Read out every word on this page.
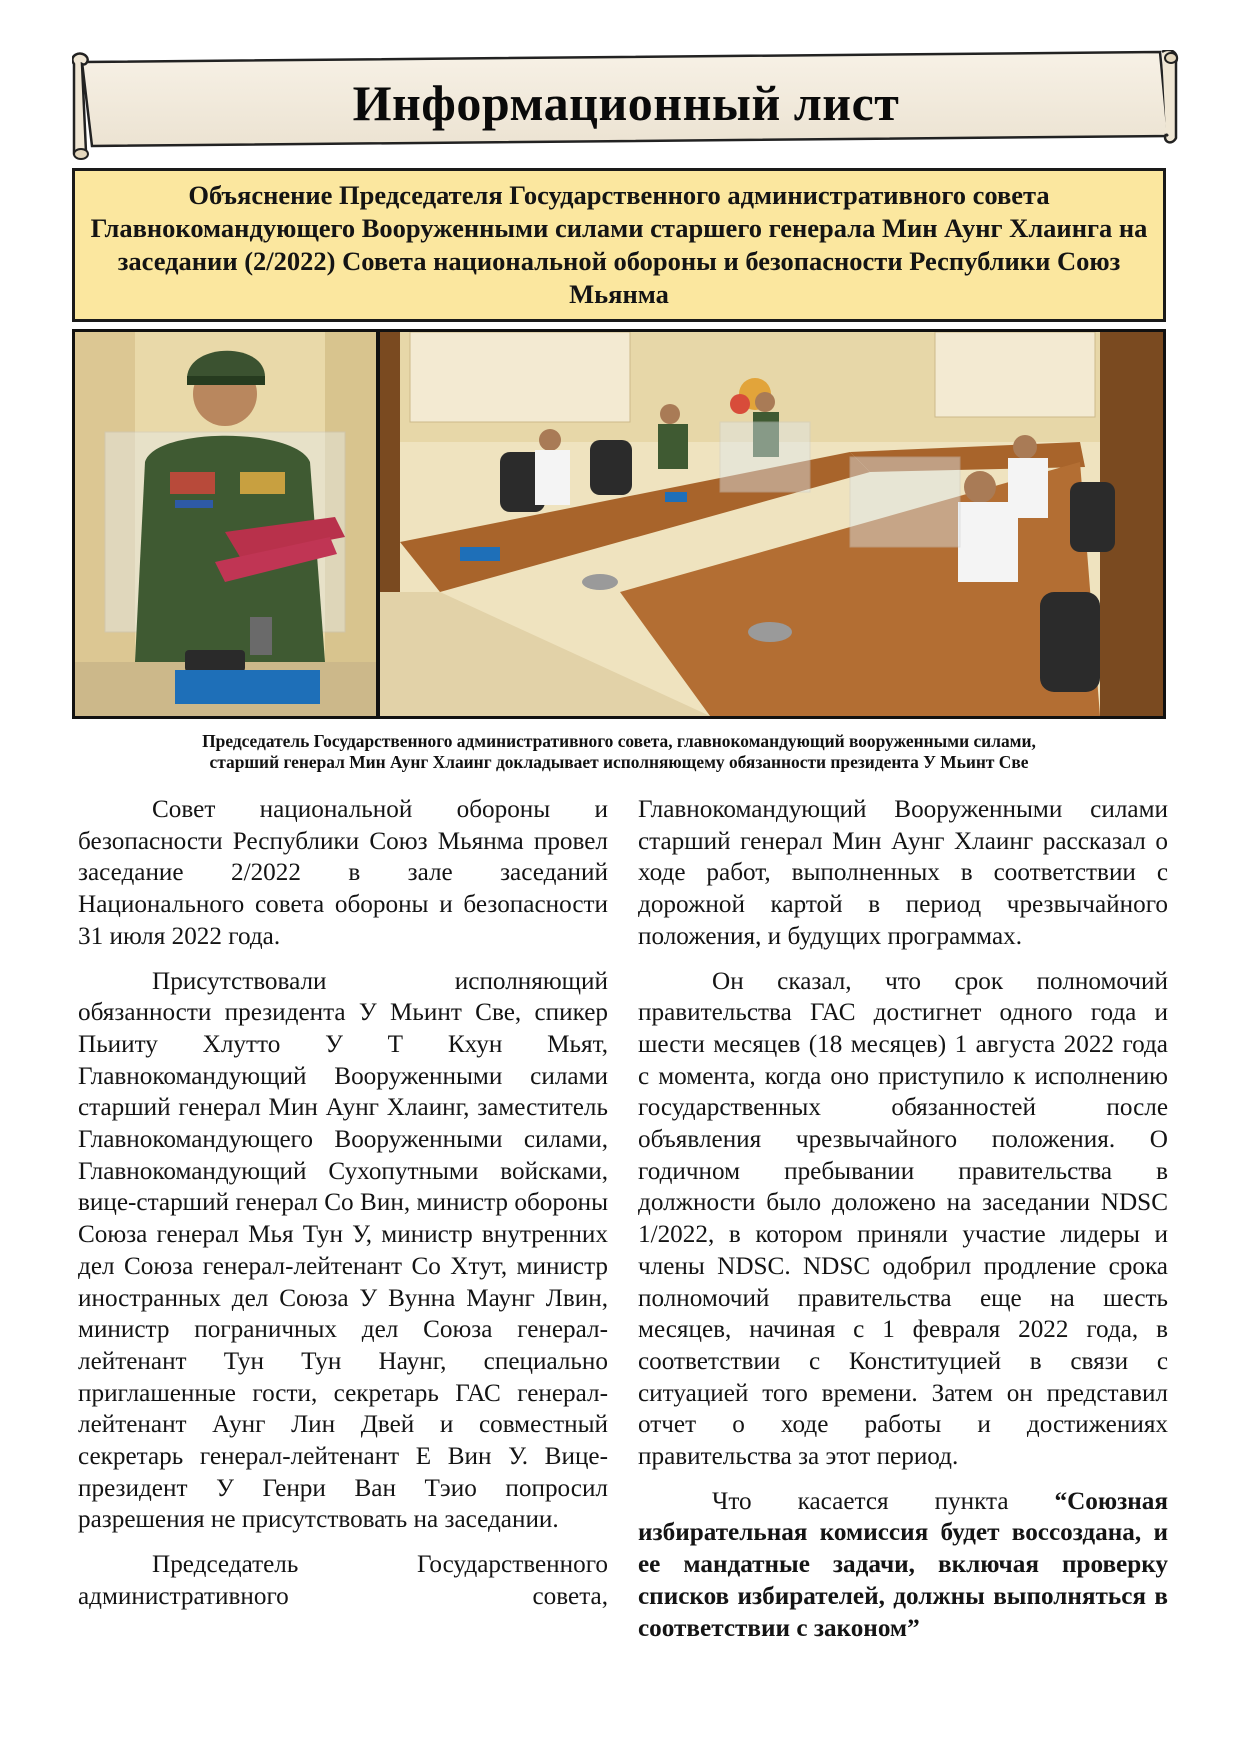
Информационный лист
Объяснение Председателя Государственного административного совета Главнокомандующего Вооруженными силами старшего генерала Мин Аунг Хлаинга на заседании (2/2022) Совета национальной обороны и безопасности Республики Союз Мьянма
Председатель Государственного административного совета, главнокомандующий вооруженными силами,
старший генерал Мин Аунг Хлаинг докладывает исполняющему обязанности президента У Мьинт Све

Совет национальной обороны и безопасности Республики Союз Мьянма провел заседание 2/2022 в зале заседаний Национального совета обороны и безопасности 31 июля 2022 года.

Присутствовали исполняющий обязанности президента У Мьинт Све, спикер Пьииту Хлутто У Т Кхун Мьят, Главнокомандующий Вооруженными силами старший генерал Мин Аунг Хлаинг, заместитель Главнокомандующего Вооруженными силами, Главнокомандующий Сухопутными войсками, вице-старший генерал Со Вин, министр обороны Союза генерал Мья Тун У, министр внутренних дел Союза генерал-лейтенант Со Хтут, министр иностранных дел Союза У Вунна Маунг Лвин, министр пограничных дел Союза генерал-лейтенант Тун Тун Наунг, специально приглашенные гости, секретарь ГАС генерал-лейтенант Аунг Лин Двей и совместный секретарь генерал-лейтенант Е Вин У. Вице-президент У Генри Ван Тэио попросил разрешения не присутствовать на заседании.

Председатель Государственного административного совета,

Главнокомандующий Вооруженными силами старший генерал Мин Аунг Хлаинг рассказал о ходе работ, выполненных в соответствии с дорожной картой в период чрезвычайного положения, и будущих программах.

Он сказал, что срок полномочий правительства ГАС достигнет одного года и шести месяцев (18 месяцев) 1 августа 2022 года с момента, когда оно приступило к исполнению государственных обязанностей после объявления чрезвычайного положения. О годичном пребывании правительства в должности было доложено на заседании NDSC 1/2022, в котором приняли участие лидеры и члены NDSC. NDSC одобрил продление срока полномочий правительства еще на шесть месяцев, начиная с 1 февраля 2022 года, в соответствии с Конституцией в связи с ситуацией того времени. Затем он представил отчет о ходе работы и достижениях правительства за этот период.

Что касается пункта “Союзная избирательная комиссия будет воссоздана, и ее мандатные задачи, включая проверку списков избирателей, должны выполняться в соответствии с законом”
